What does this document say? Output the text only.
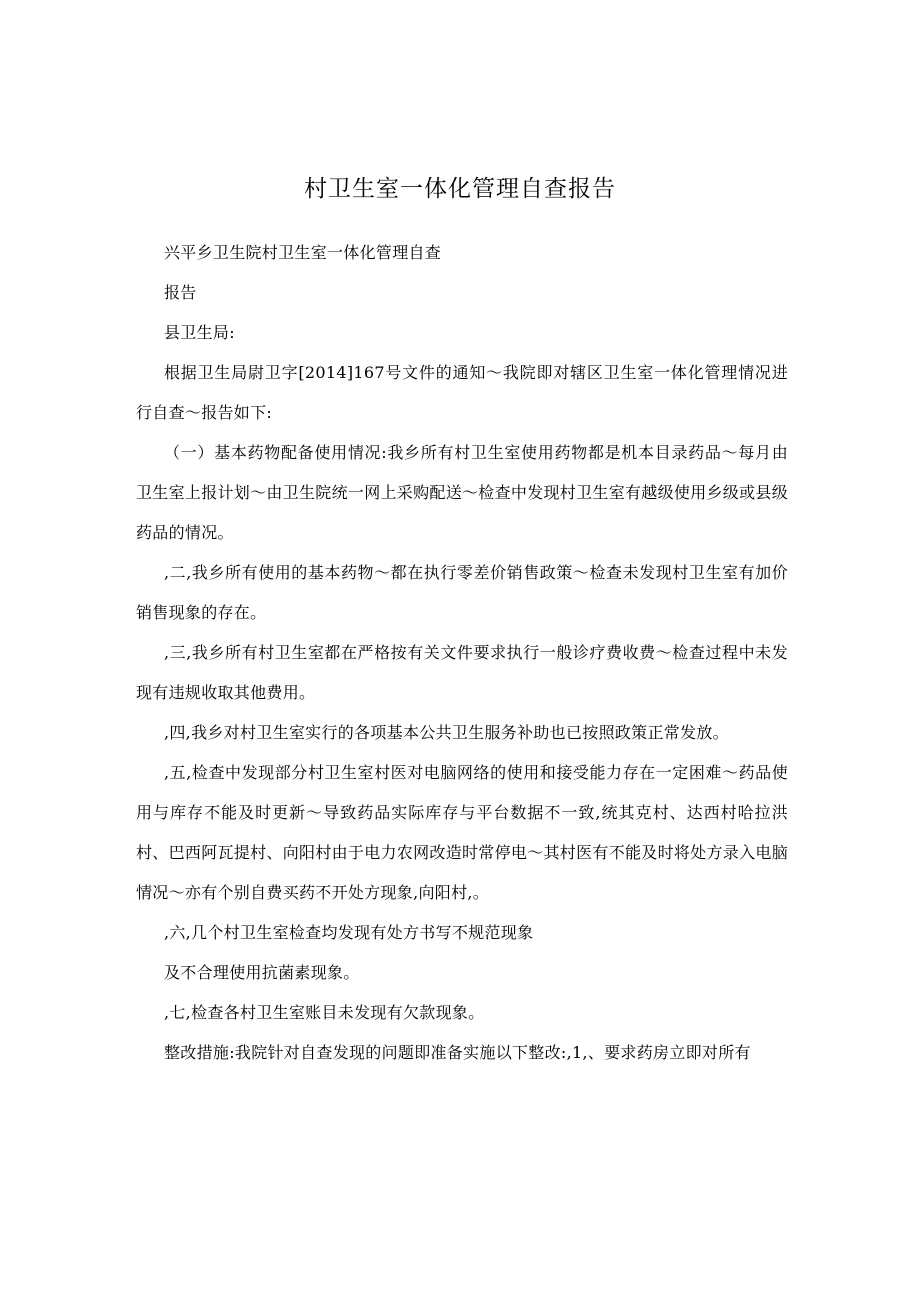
村卫生室一体化管理自查报告

兴平乡卫生院村卫生室一体化管理自查

报告

县卫生局:

根据卫生局尉卫字[2014]167号文件的通知～我院即对辖区卫生室一体化管理情况进行自查～报告如下:

（一）基本药物配备使用情况:我乡所有村卫生室使用药物都是机本目录药品～每月由卫生室上报计划～由卫生院统一网上采购配送～检查中发现村卫生室有越级使用乡级或县级药品的情况。

,二,我乡所有使用的基本药物～都在执行零差价销售政策～检查未发现村卫生室有加价销售现象的存在。

,三,我乡所有村卫生室都在严格按有关文件要求执行一般诊疗费收费～检查过程中未发现有违规收取其他费用。

,四,我乡对村卫生室实行的各项基本公共卫生服务补助也已按照政策正常发放。

,五,检查中发现部分村卫生室村医对电脑网络的使用和接受能力存在一定困难～药品使用与库存不能及时更新～导致药品实际库存与平台数据不一致,统其克村、达西村哈拉洪村、巴西阿瓦提村、向阳村由于电力农网改造时常停电～其村医有不能及时将处方录入电脑情况～亦有个别自费买药不开处方现象,向阳村,。

,六,几个村卫生室检查均发现有处方书写不规范现象

及不合理使用抗菌素现象。

,七,检查各村卫生室账目未发现有欠款现象。

整改措施:我院针对自查发现的问题即准备实施以下整改:,1,、要求药房立即对所有
